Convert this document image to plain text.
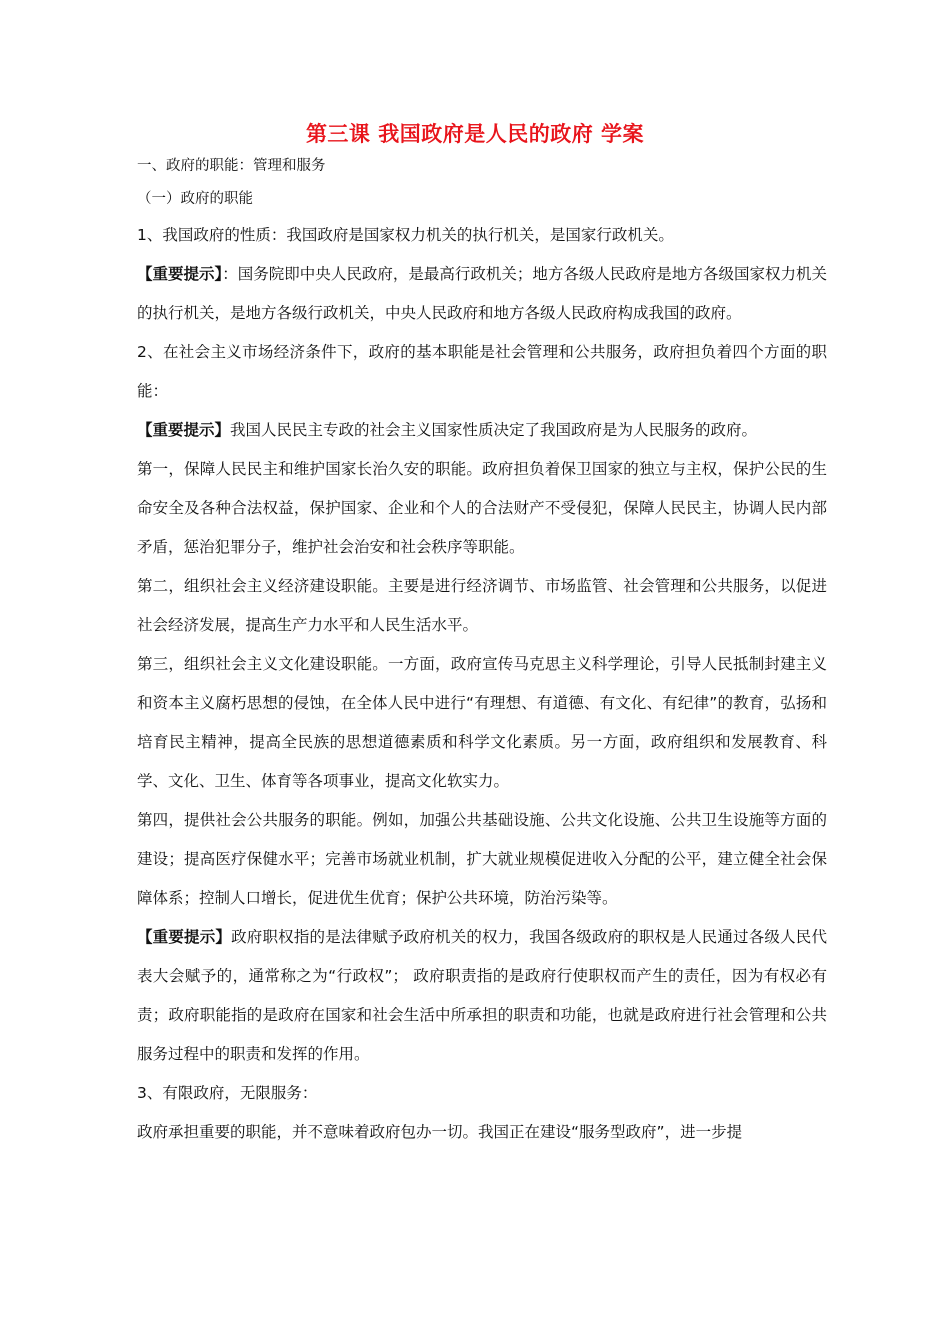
第三课 我国政府是人民的政府 学案

一、政府的职能：管理和服务

（一）政府的职能

1、我国政府的性质：我国政府是国家权力机关的执行机关，是国家行政机关。

【重要提示】：国务院即中央人民政府，是最高行政机关；地方各级人民政府是地方各级国家权力机关的执行机关，是地方各级行政机关，中央人民政府和地方各级人民政府构成我国的政府。

2、在社会主义市场经济条件下，政府的基本职能是社会管理和公共服务，政府担负着四个方面的职能：

【重要提示】我国人民民主专政的社会主义国家性质决定了我国政府是为人民服务的政府。

第一，保障人民民主和维护国家长治久安的职能。政府担负着保卫国家的独立与主权，保护公民的生命安全及各种合法权益，保护国家、企业和个人的合法财产不受侵犯，保障人民民主，协调人民内部矛盾，惩治犯罪分子，维护社会治安和社会秩序等职能。

第二，组织社会主义经济建设职能。主要是进行经济调节、市场监管、社会管理和公共服务，以促进社会经济发展，提高生产力水平和人民生活水平。

第三，组织社会主义文化建设职能。一方面，政府宣传马克思主义科学理论，引导人民抵制封建主义和资本主义腐朽思想的侵蚀，在全体人民中进行“有理想、有道德、有文化、有纪律”的教育，弘扬和培育民主精神，提高全民族的思想道德素质和科学文化素质。另一方面，政府组织和发展教育、科学、文化、卫生、体育等各项事业，提高文化软实力。

第四，提供社会公共服务的职能。例如，加强公共基础设施、公共文化设施、公共卫生设施等方面的建设；提高医疗保健水平；完善市场就业机制，扩大就业规模促进收入分配的公平，建立健全社会保障体系；控制人口增长，促进优生优育；保护公共环境，防治污染等。

【重要提示】政府职权指的是法律赋予政府机关的权力，我国各级政府的职权是人民通过各级人民代表大会赋予的，通常称之为“行政权”； 政府职责指的是政府行使职权而产生的责任，因为有权必有责；政府职能指的是政府在国家和社会生活中所承担的职责和功能，也就是政府进行社会管理和公共服务过程中的职责和发挥的作用。

3、有限政府，无限服务：

政府承担重要的职能，并不意味着政府包办一切。我国正在建设“服务型政府”，进一步提
